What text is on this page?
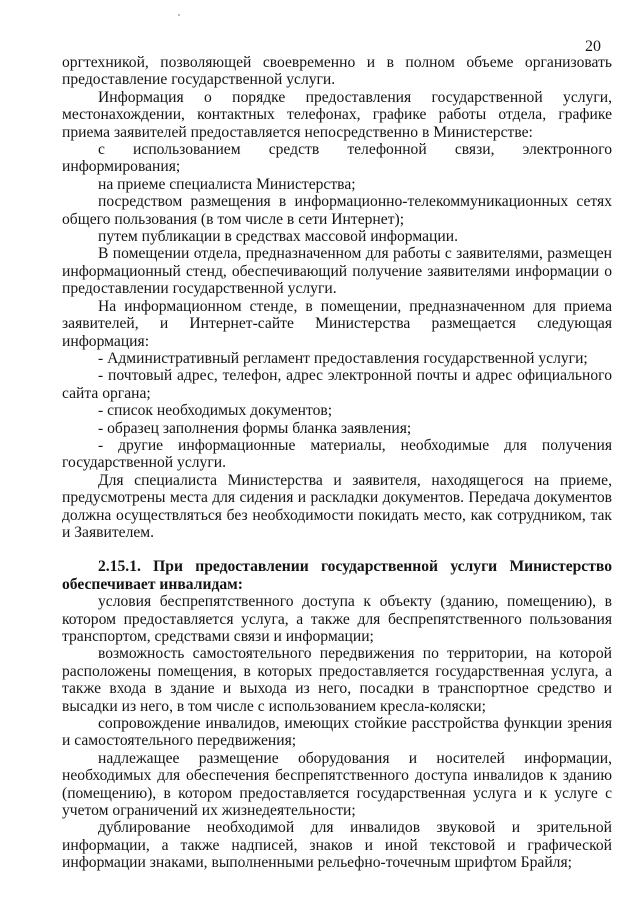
20

оргтехникой, позволяющей своевременно и в полном объеме организовать предоставление государственной услуги.

Информация о порядке предоставления государственной услуги, местонахождении, контактных телефонах, графике работы отдела, графике приема заявителей предоставляется непосредственно в Министерстве:

с использованием средств телефонной связи, электронного информирования;

на приеме специалиста Министерства;

посредством размещения в информационно-телекоммуникационных сетях общего пользования (в том числе в сети Интернет);

путем публикации в средствах массовой информации.

В помещении отдела, предназначенном для работы с заявителями, размещен информационный стенд, обеспечивающий получение заявителями информации о предоставлении государственной услуги.

На информационном стенде, в помещении, предназначенном для приема заявителей, и Интернет-сайте Министерства размещается следующая информация:

- Административный регламент предоставления государственной услуги;

- почтовый адрес, телефон, адрес электронной почты и адрес официального сайта органа;

- список необходимых документов;

- образец заполнения формы бланка заявления;

- другие информационные материалы, необходимые для получения государственной услуги.

Для специалиста Министерства и заявителя, находящегося на приеме, предусмотрены места для сидения и раскладки документов. Передача документов должна осуществляться без необходимости покидать место, как сотрудником, так и Заявителем.

2.15.1. При предоставлении государственной услуги Министерство обеспечивает инвалидам:

условия беспрепятственного доступа к объекту (зданию, помещению), в котором предоставляется услуга, а также для беспрепятственного пользования транспортом, средствами связи и информации;

возможность самостоятельного передвижения по территории, на которой расположены помещения, в которых предоставляется государственная услуга, а также входа в здание и выхода из него, посадки в транспортное средство и высадки из него, в том числе с использованием кресла-коляски;

сопровождение инвалидов, имеющих стойкие расстройства функции зрения и самостоятельного передвижения;

надлежащее размещение оборудования и носителей информации, необходимых для обеспечения беспрепятственного доступа инвалидов к зданию (помещению), в котором предоставляется государственная услуга и к услуге с учетом ограничений их жизнедеятельности;

дублирование необходимой для инвалидов звуковой и зрительной информации, а также надписей, знаков и иной текстовой и графической информации знаками, выполненными рельефно-точечным шрифтом Брайля;
